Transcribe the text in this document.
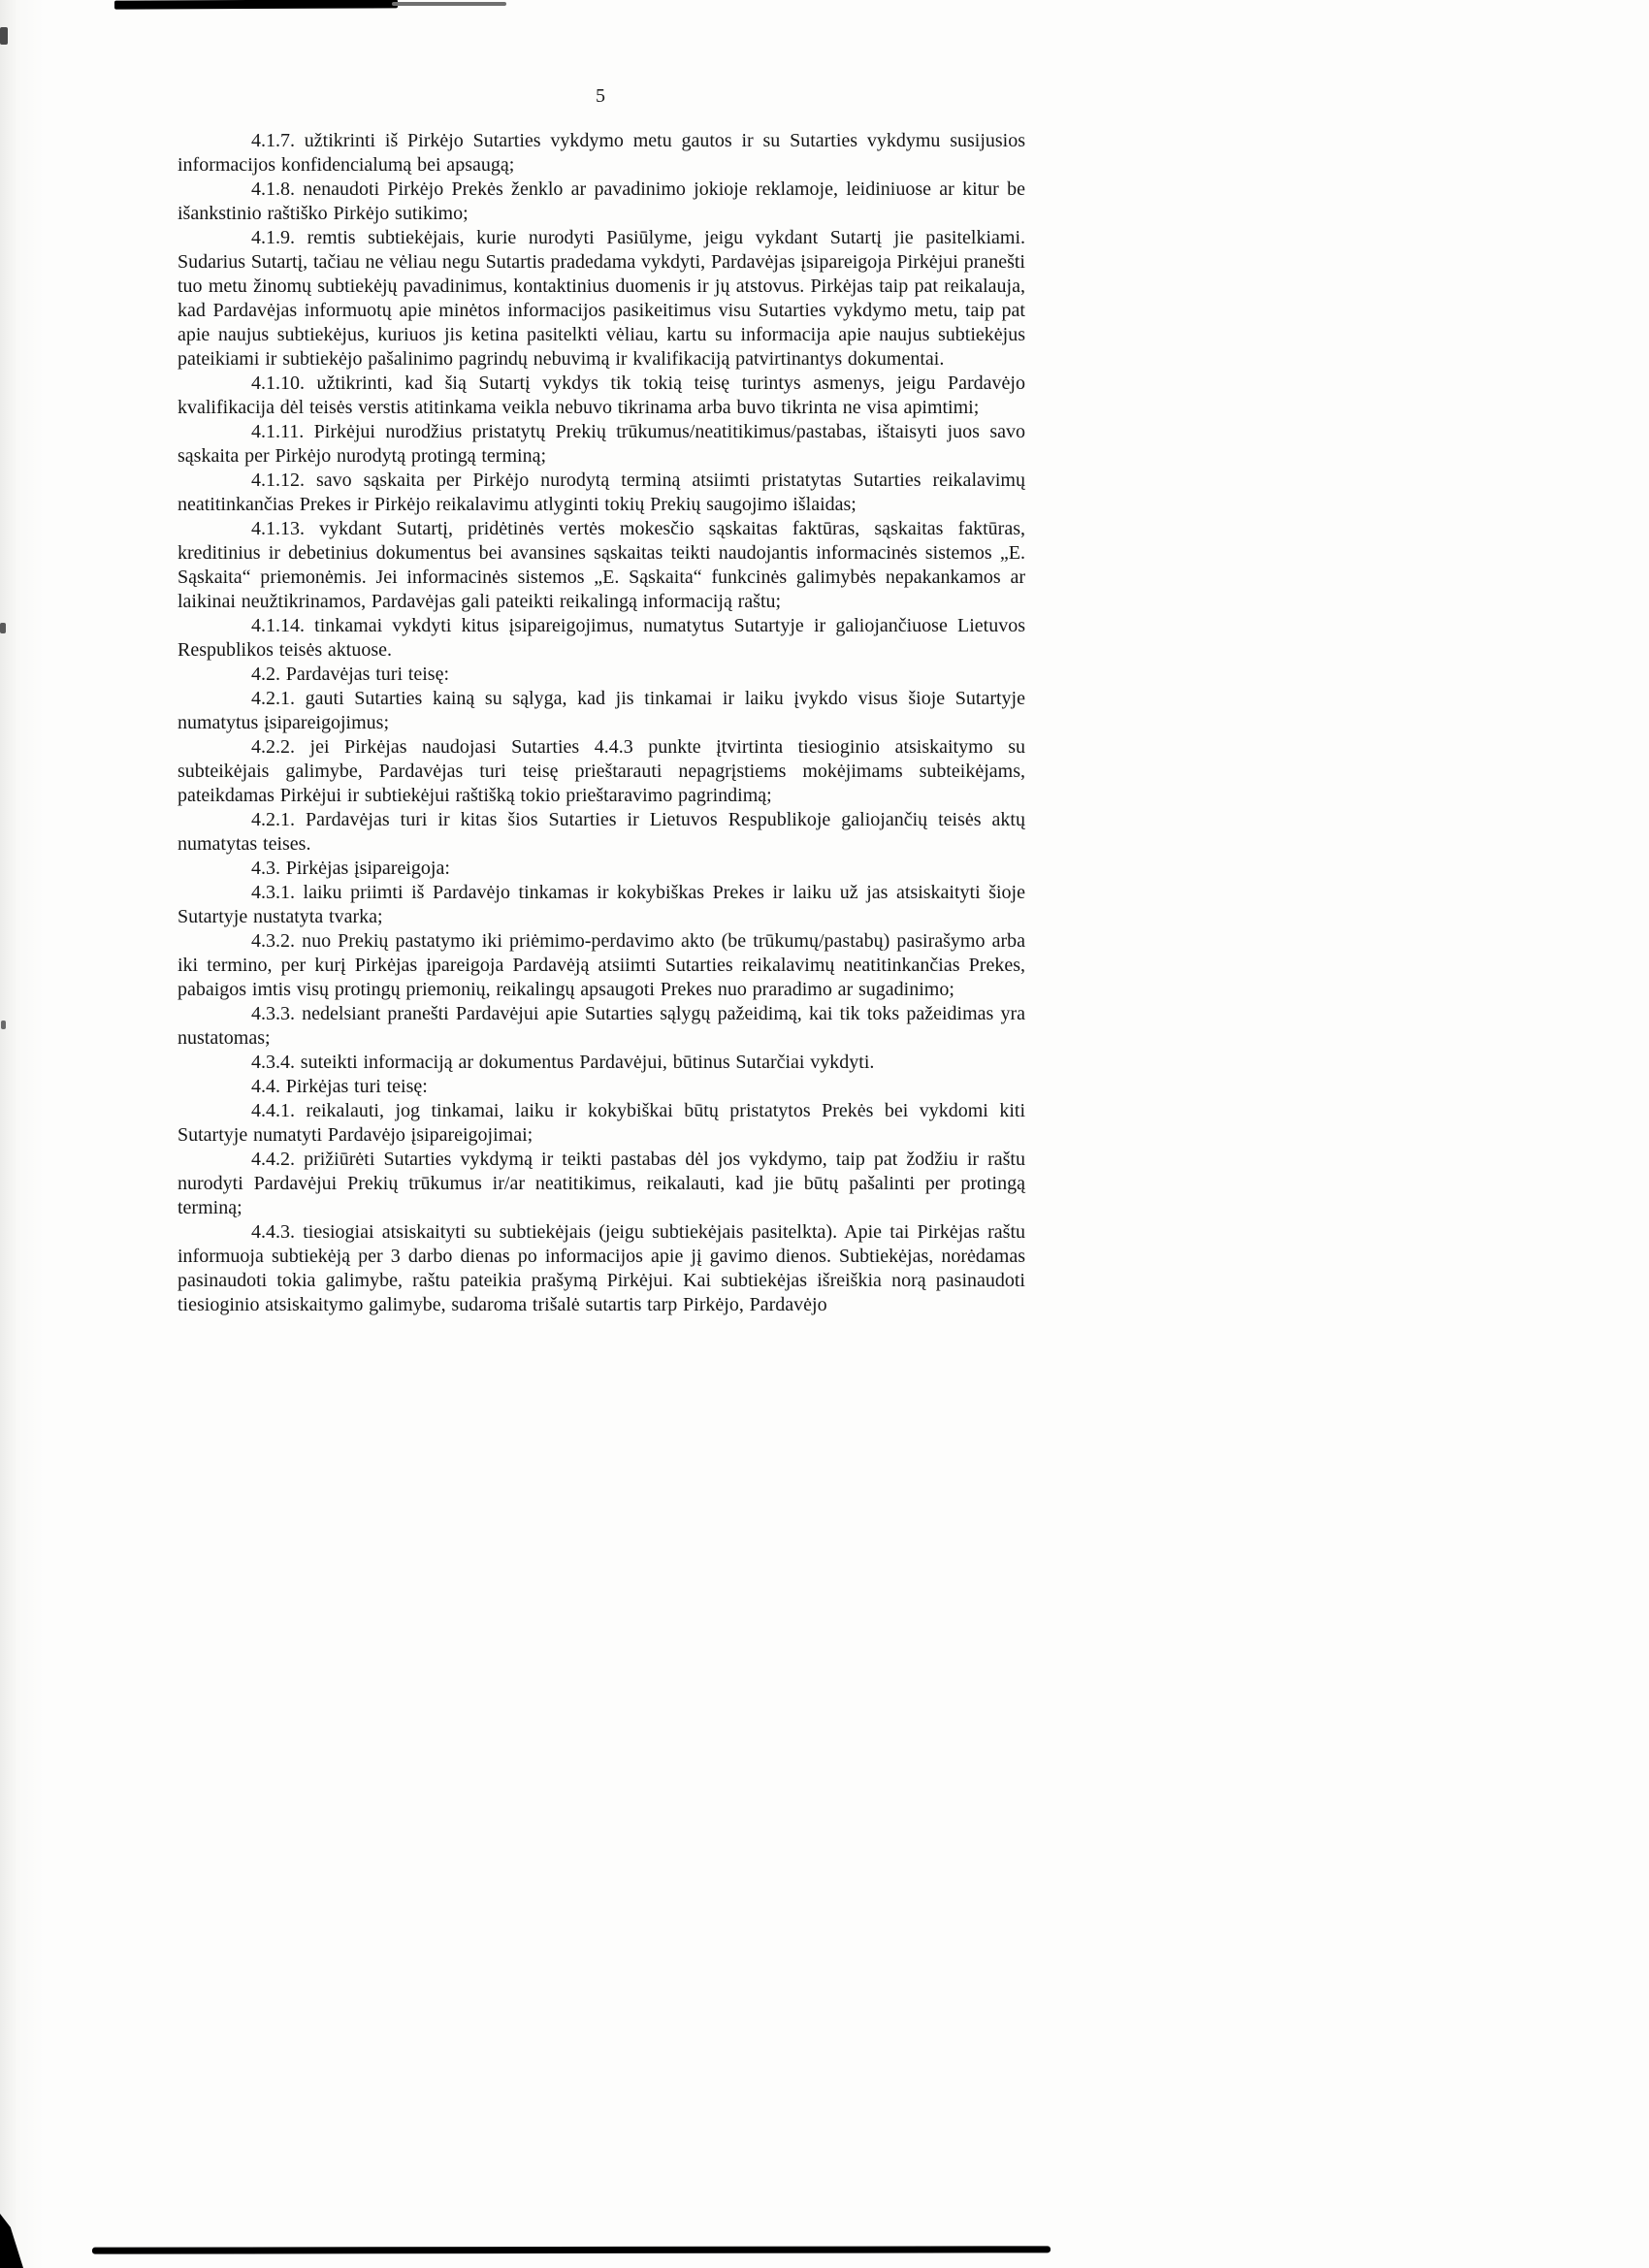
5

4.1.7. užtikrinti iš Pirkėjo Sutarties vykdymo metu gautos ir su Sutarties vykdymu susijusios informacijos konfidencialumą bei apsaugą;

4.1.8. nenaudoti Pirkėjo Prekės ženklo ar pavadinimo jokioje reklamoje, leidiniuose ar kitur be išankstinio raštiško Pirkėjo sutikimo;

4.1.9. remtis subtiekėjais, kurie nurodyti Pasiūlyme, jeigu vykdant Sutartį jie pasitelkiami. Sudarius Sutartį, tačiau ne vėliau negu Sutartis pradedama vykdyti, Pardavėjas įsipareigoja Pirkėjui pranešti tuo metu žinomų subtiekėjų pavadinimus, kontaktinius duomenis ir jų atstovus. Pirkėjas taip pat reikalauja, kad Pardavėjas informuotų apie minėtos informacijos pasikeitimus visu Sutarties vykdymo metu, taip pat apie naujus subtiekėjus, kuriuos jis ketina pasitelkti vėliau, kartu su informacija apie naujus subtiekėjus pateikiami ir subtiekėjo pašalinimo pagrindų nebuvimą ir kvalifikaciją patvirtinantys dokumentai.

4.1.10. užtikrinti, kad šią Sutartį vykdys tik tokią teisę turintys asmenys, jeigu Pardavėjo kvalifikacija dėl teisės verstis atitinkama veikla nebuvo tikrinama arba buvo tikrinta ne visa apimtimi;

4.1.11. Pirkėjui nurodžius pristatytų Prekių trūkumus/neatitikimus/pastabas, ištaisyti juos savo sąskaita per Pirkėjo nurodytą protingą terminą;

4.1.12. savo sąskaita per Pirkėjo nurodytą terminą atsiimti pristatytas Sutarties reikalavimų neatitinkančias Prekes ir Pirkėjo reikalavimu atlyginti tokių Prekių saugojimo išlaidas;

4.1.13. vykdant Sutartį, pridėtinės vertės mokesčio sąskaitas faktūras, sąskaitas faktūras, kreditinius ir debetinius dokumentus bei avansines sąskaitas teikti naudojantis informacinės sistemos „E. Sąskaita“ priemonėmis. Jei informacinės sistemos „E. Sąskaita“ funkcinės galimybės nepakankamos ar laikinai neužtikrinamos, Pardavėjas gali pateikti reikalingą informaciją raštu;

4.1.14. tinkamai vykdyti kitus įsipareigojimus, numatytus Sutartyje ir galiojančiuose Lietuvos Respublikos teisės aktuose.

4.2. Pardavėjas turi teisę:

4.2.1. gauti Sutarties kainą su sąlyga, kad jis tinkamai ir laiku įvykdo visus šioje Sutartyje numatytus įsipareigojimus;

4.2.2. jei Pirkėjas naudojasi Sutarties 4.4.3 punkte įtvirtinta tiesioginio atsiskaitymo su subteikėjais galimybe, Pardavėjas turi teisę prieštarauti nepagrįstiems mokėjimams subteikėjams, pateikdamas Pirkėjui ir subtiekėjui raštišką tokio prieštaravimo pagrindimą;

4.2.1. Pardavėjas turi ir kitas šios Sutarties ir Lietuvos Respublikoje galiojančių teisės aktų numatytas teises.

4.3. Pirkėjas įsipareigoja:

4.3.1. laiku priimti iš Pardavėjo tinkamas ir kokybiškas Prekes ir laiku už jas atsiskaityti šioje Sutartyje nustatyta tvarka;

4.3.2. nuo Prekių pastatymo iki priėmimo-perdavimo akto (be trūkumų/pastabų) pasirašymo arba iki termino, per kurį Pirkėjas įpareigoja Pardavėją atsiimti Sutarties reikalavimų neatitinkančias Prekes, pabaigos imtis visų protingų priemonių, reikalingų apsaugoti Prekes nuo praradimo ar sugadinimo;

4.3.3. nedelsiant pranešti Pardavėjui apie Sutarties sąlygų pažeidimą, kai tik toks pažeidimas yra nustatomas;

4.3.4. suteikti informaciją ar dokumentus Pardavėjui, būtinus Sutarčiai vykdyti.

4.4. Pirkėjas turi teisę:

4.4.1. reikalauti, jog tinkamai, laiku ir kokybiškai būtų pristatytos Prekės bei vykdomi kiti Sutartyje numatyti Pardavėjo įsipareigojimai;

4.4.2. prižiūrėti Sutarties vykdymą ir teikti pastabas dėl jos vykdymo, taip pat žodžiu ir raštu nurodyti Pardavėjui Prekių trūkumus ir/ar neatitikimus, reikalauti, kad jie būtų pašalinti per protingą terminą;

4.4.3. tiesiogiai atsiskaityti su subtiekėjais (jeigu subtiekėjais pasitelkta). Apie tai Pirkėjas raštu informuoja subtiekėją per 3 darbo dienas po informacijos apie jį gavimo dienos. Subtiekėjas, norėdamas pasinaudoti tokia galimybe, raštu pateikia prašymą Pirkėjui. Kai subtiekėjas išreiškia norą pasinaudoti tiesioginio atsiskaitymo galimybe, sudaroma trišalė sutartis tarp Pirkėjo, Pardavėjo
